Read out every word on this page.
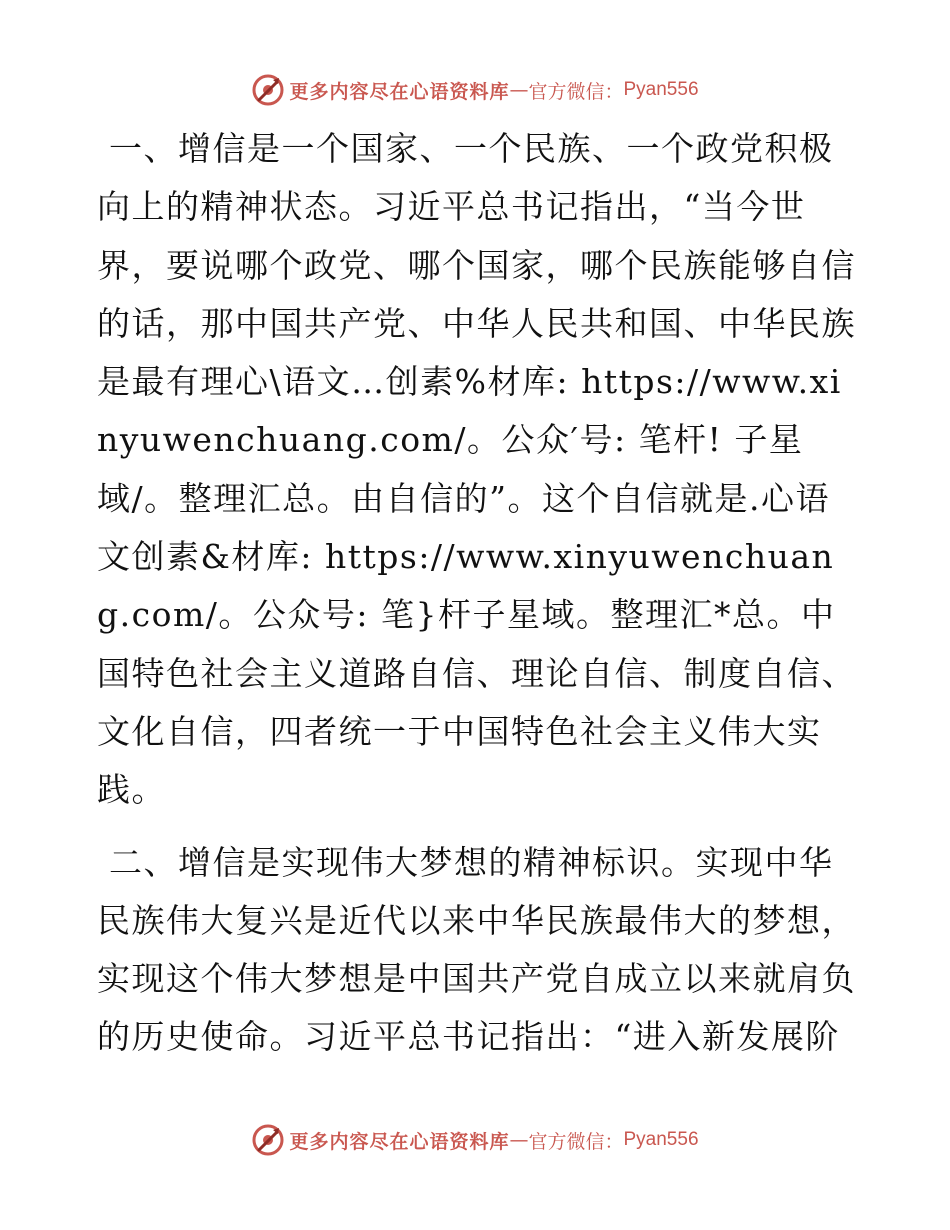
更多内容尽在心语资料库 — 官方微信： Pyan556

一、增信是一个国家、一个民族、一个政党积极向上的精神状态。习近平总书记指出，“当今世界，要说哪个政党、哪个国家，哪个民族能够自信的话，那中国共产党、中华人民共和国、中华民族是最有理心\语文…创素%材库: https://www.xinyuwenchuang.com/。公众′号: 笔杆! 子星域/。整理汇总。由自信的”。这个自信就是.心语文创素&材库: https://www.xinyuwenchuang.com/。公众号: 笔}杆子星域。整理汇*总。中国特色社会主义道路自信、理论自信、制度自信、文化自信，四者统一于中国特色社会主义伟大实践。

二、增信是实现伟大梦想的精神标识。实现中华民族伟大复兴是近代以来中华民族最伟大的梦想，实现这个伟大梦想是中国共产党自成立以来就肩负的历史使命。习近平总书记指出：“进入新发展阶

更多内容尽在心语资料库 — 官方微信： Pyan556
